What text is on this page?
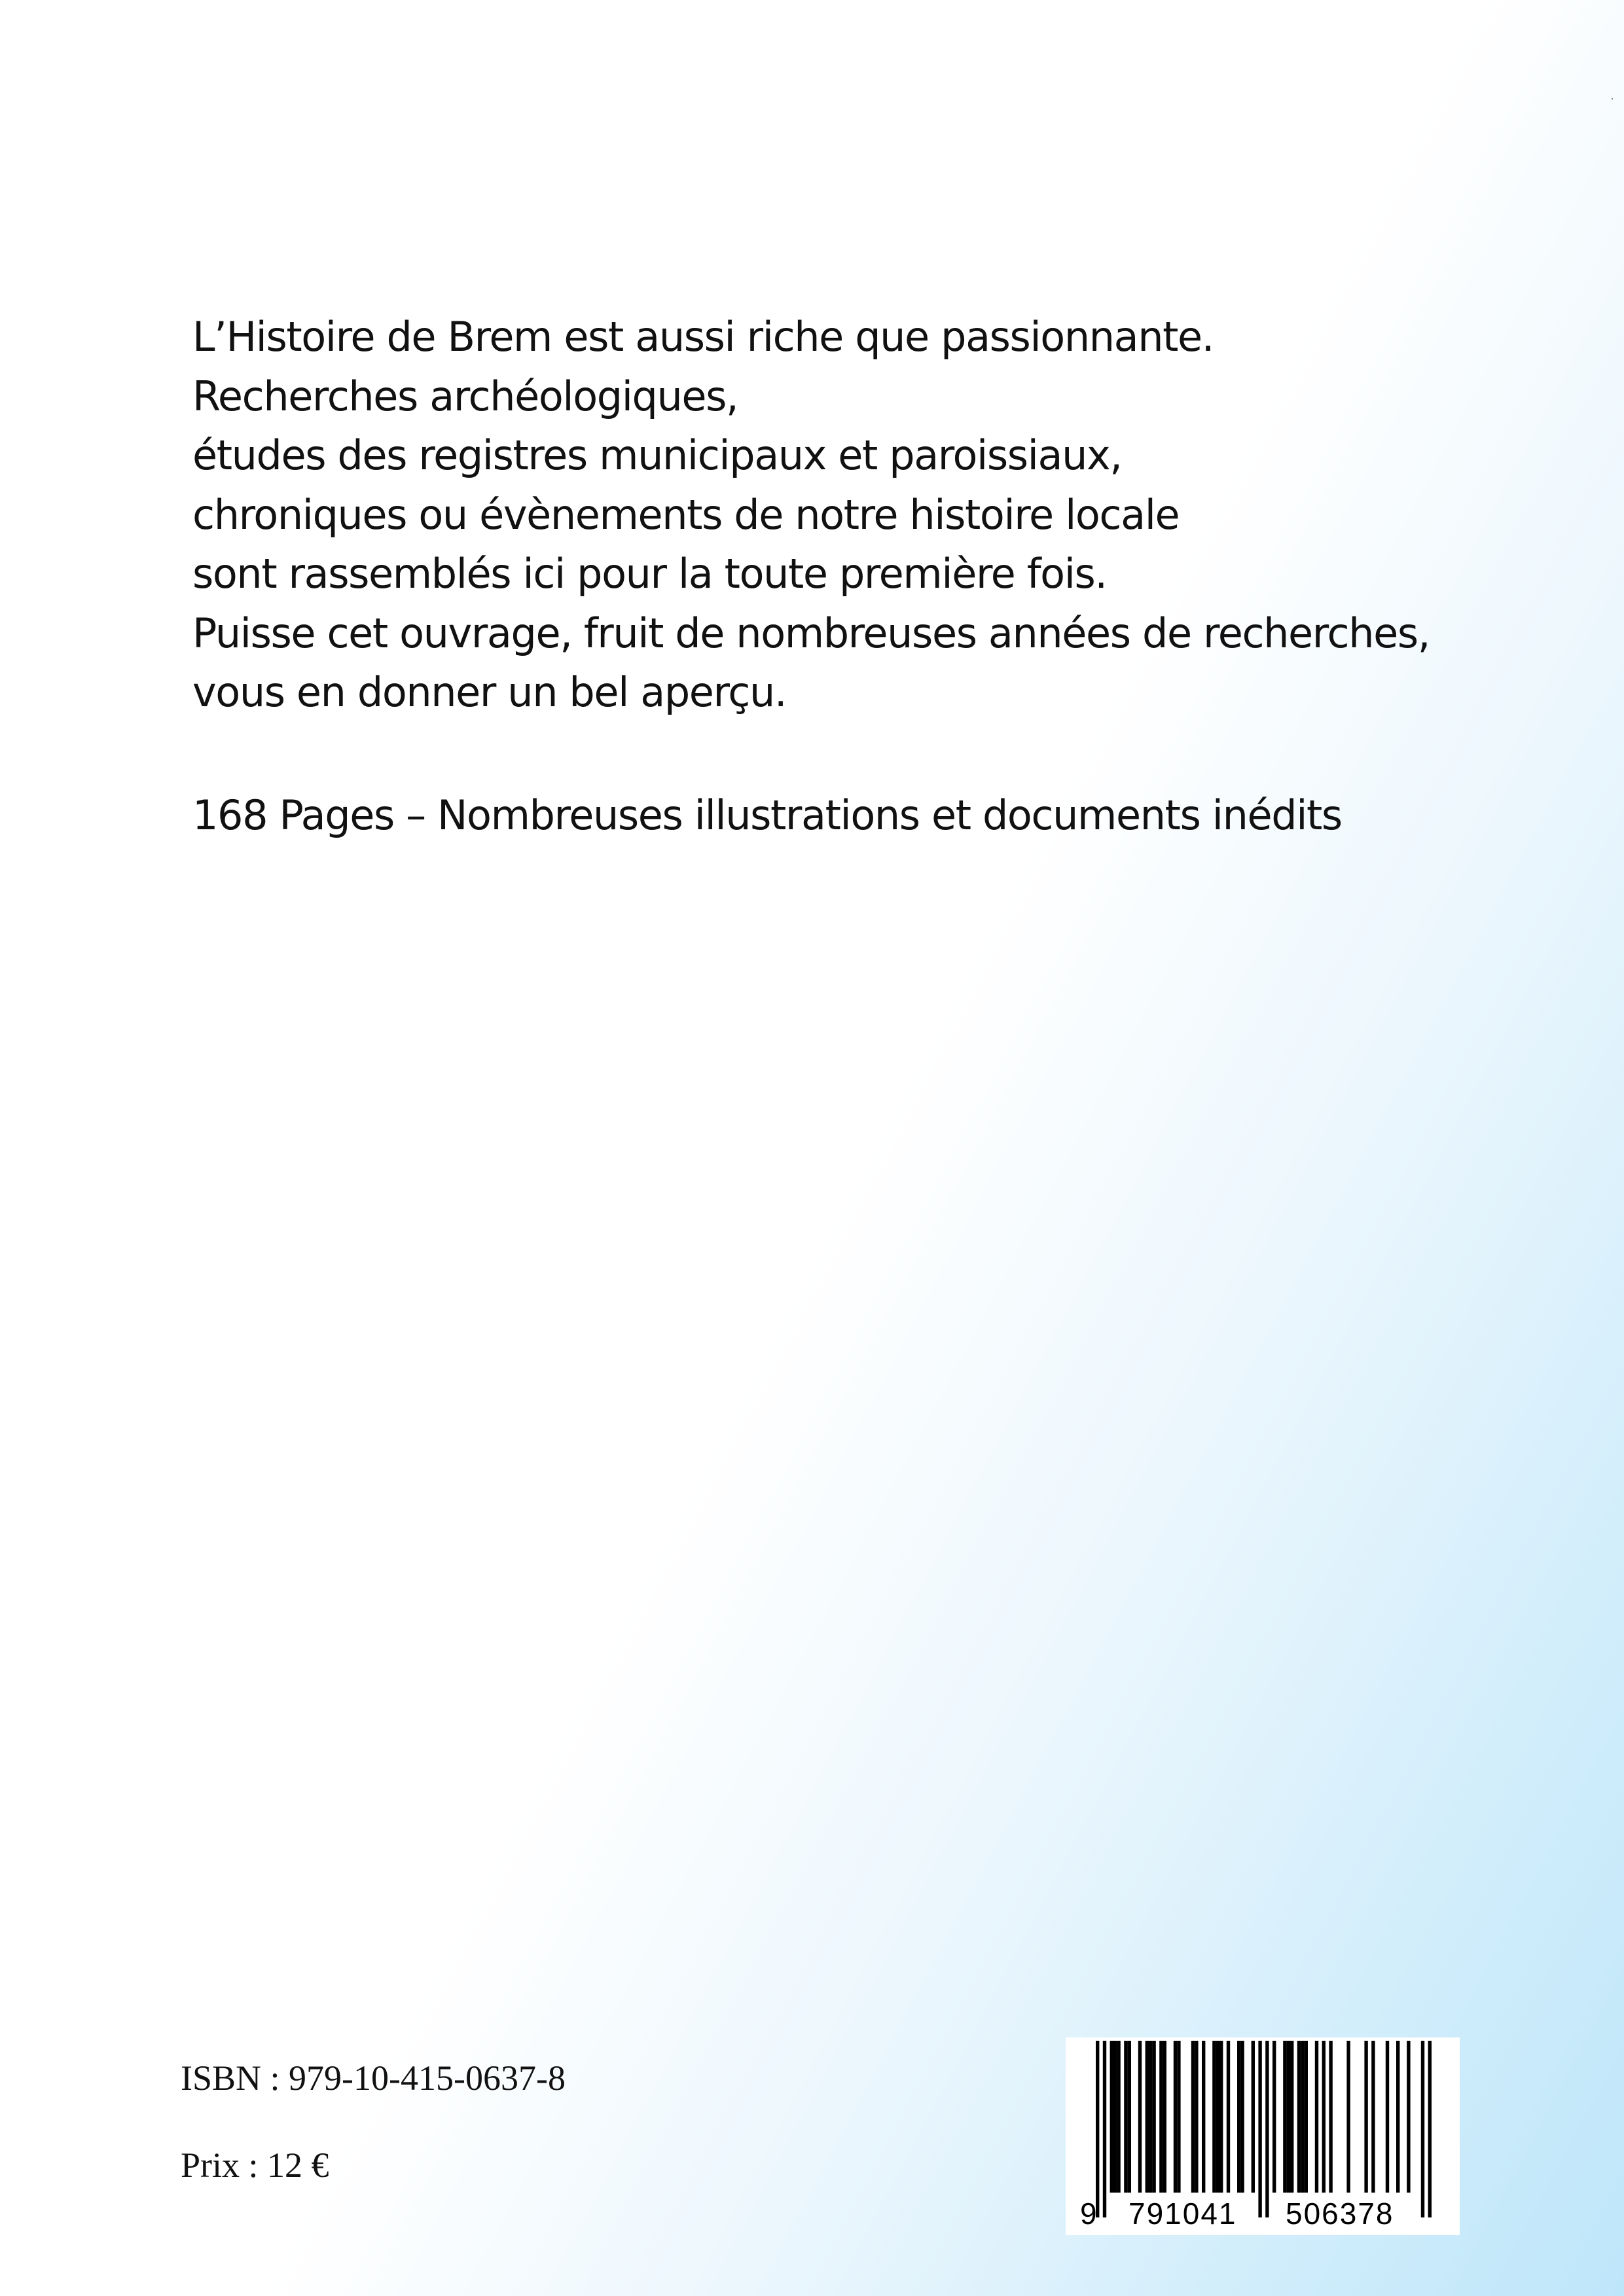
L’Histoire de Brem est aussi riche que passionnante.
Recherches archéologiques,
études des registres municipaux et paroissiaux,
chroniques ou évènements de notre histoire locale
sont rassemblés ici pour la toute première fois.
Puisse cet ouvrage, fruit de nombreuses années de recherches,
vous en donner un bel aperçu.
168 Pages – Nombreuses illustrations et documents inédits
ISBN : 979-10-415-0637-8
Prix : 12 €
9 791041 506378
